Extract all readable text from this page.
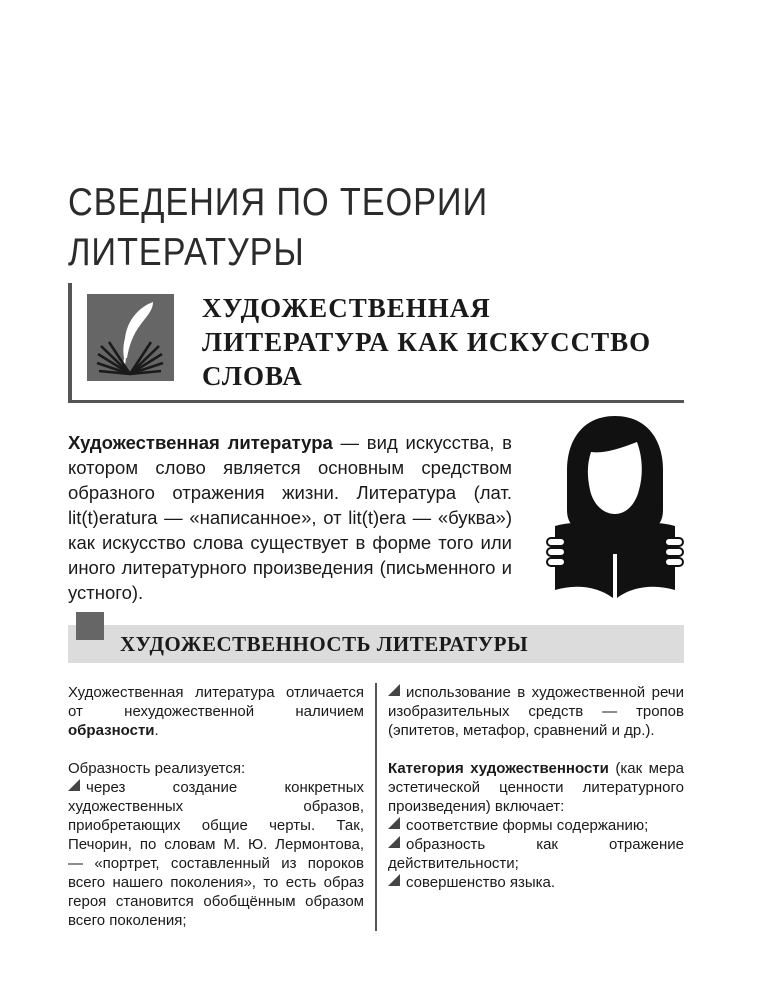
СВЕДЕНИЯ ПО ТЕОРИИ
ЛИТЕРАТУРЫ
ХУДОЖЕСТВЕННАЯ
ЛИТЕРАТУРА КАК ИСКУССТВО
СЛОВА

Художественная литература — вид искусства, в котором слово является основным средством образного отражения жизни. Литература (лат. lit(t)eratura — «написанное», от lit(t)era — «буква») как искусство слова существует в форме того или иного литературного произведения (письменного и устного).

ХУДОЖЕСТВЕННОСТЬ ЛИТЕРАТУРЫ

Художественная литература отличается от нехудожественной наличием образности.

Образность реализуется:

через создание конкретных художественных образов, приобретающих общие черты. Так, Печорин, по словам М. Ю. Лермонтова, — «портрет, составленный из пороков всего нашего поколения», то есть образ героя становится обобщённым образом всего поколения;

использование в художественной речи изобразительных средств — тропов (эпитетов, метафор, сравнений и др.).

Категория художественности (как мера эстетической ценности литературного произведения) включает:

соответствие формы содержанию;

образность как отражение действительности;

совершенство языка.
